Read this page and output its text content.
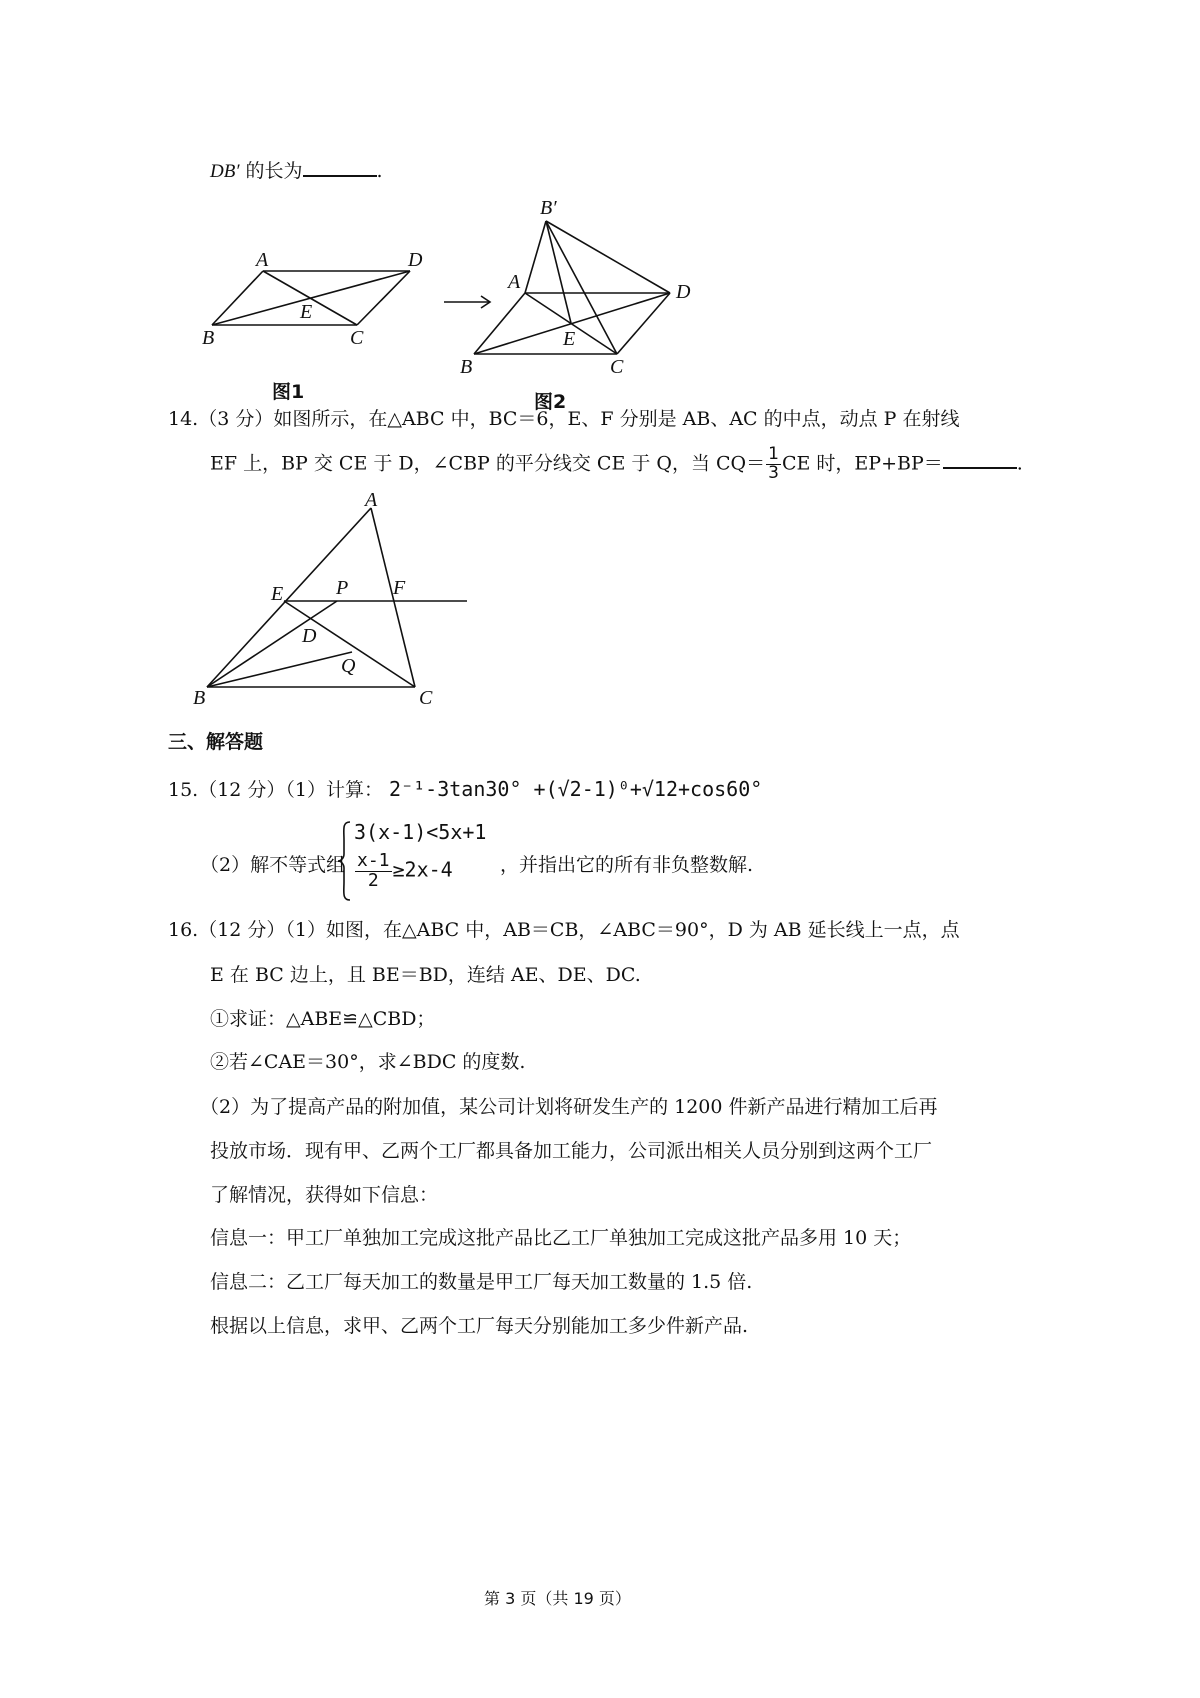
DB′ 的长为	.
A	D
B	C
E
图1
B′
A	D
B	C
E
图2
14.（3 分）如图所示，在△ABC 中，BC＝6，E、F 分别是 AB、AC 的中点，动点 P 在射线
EF 上，BP 交 CE 于 D，∠CBP 的平分线交 CE 于 Q，当 $CQ= \frac{1}{3}$ CE 时，EP+BP＝	.
A
E	P F
D
Q
B	C
三、解答题
15.（12 分）（1）计算： 2⁻¹-3tan30° +(√2-1)⁰+√12+cos60°
（2）解不等式组
3(x-1)<5x+1
$\frac{x-1}{2} \ge 2x-4$ ，并指出它的所有非负整数解.
16.（12 分）（1）如图，在△ABC 中，AB＝CB，∠ABC＝90°，D 为 AB 延长线上一点，点
E 在 BC 边上，且 BE＝BD，连结 AE、DE、DC.
①求证：△ABE≌△CBD；
②若∠CAE＝30°，求∠BDC 的度数.
（2）为了提高产品的附加值，某公司计划将研发生产的 1200 件新产品进行精加工后再
投放市场．现有甲、乙两个工厂都具备加工能力，公司派出相关人员分别到这两个工厂
了解情况，获得如下信息：
信息一：甲工厂单独加工完成这批产品比乙工厂单独加工完成这批产品多用 10 天；
信息二：乙工厂每天加工的数量是甲工厂每天加工数量的 1.5 倍.
根据以上信息，求甲、乙两个工厂每天分别能加工多少件新产品.
第 3 页（共 19 页）
